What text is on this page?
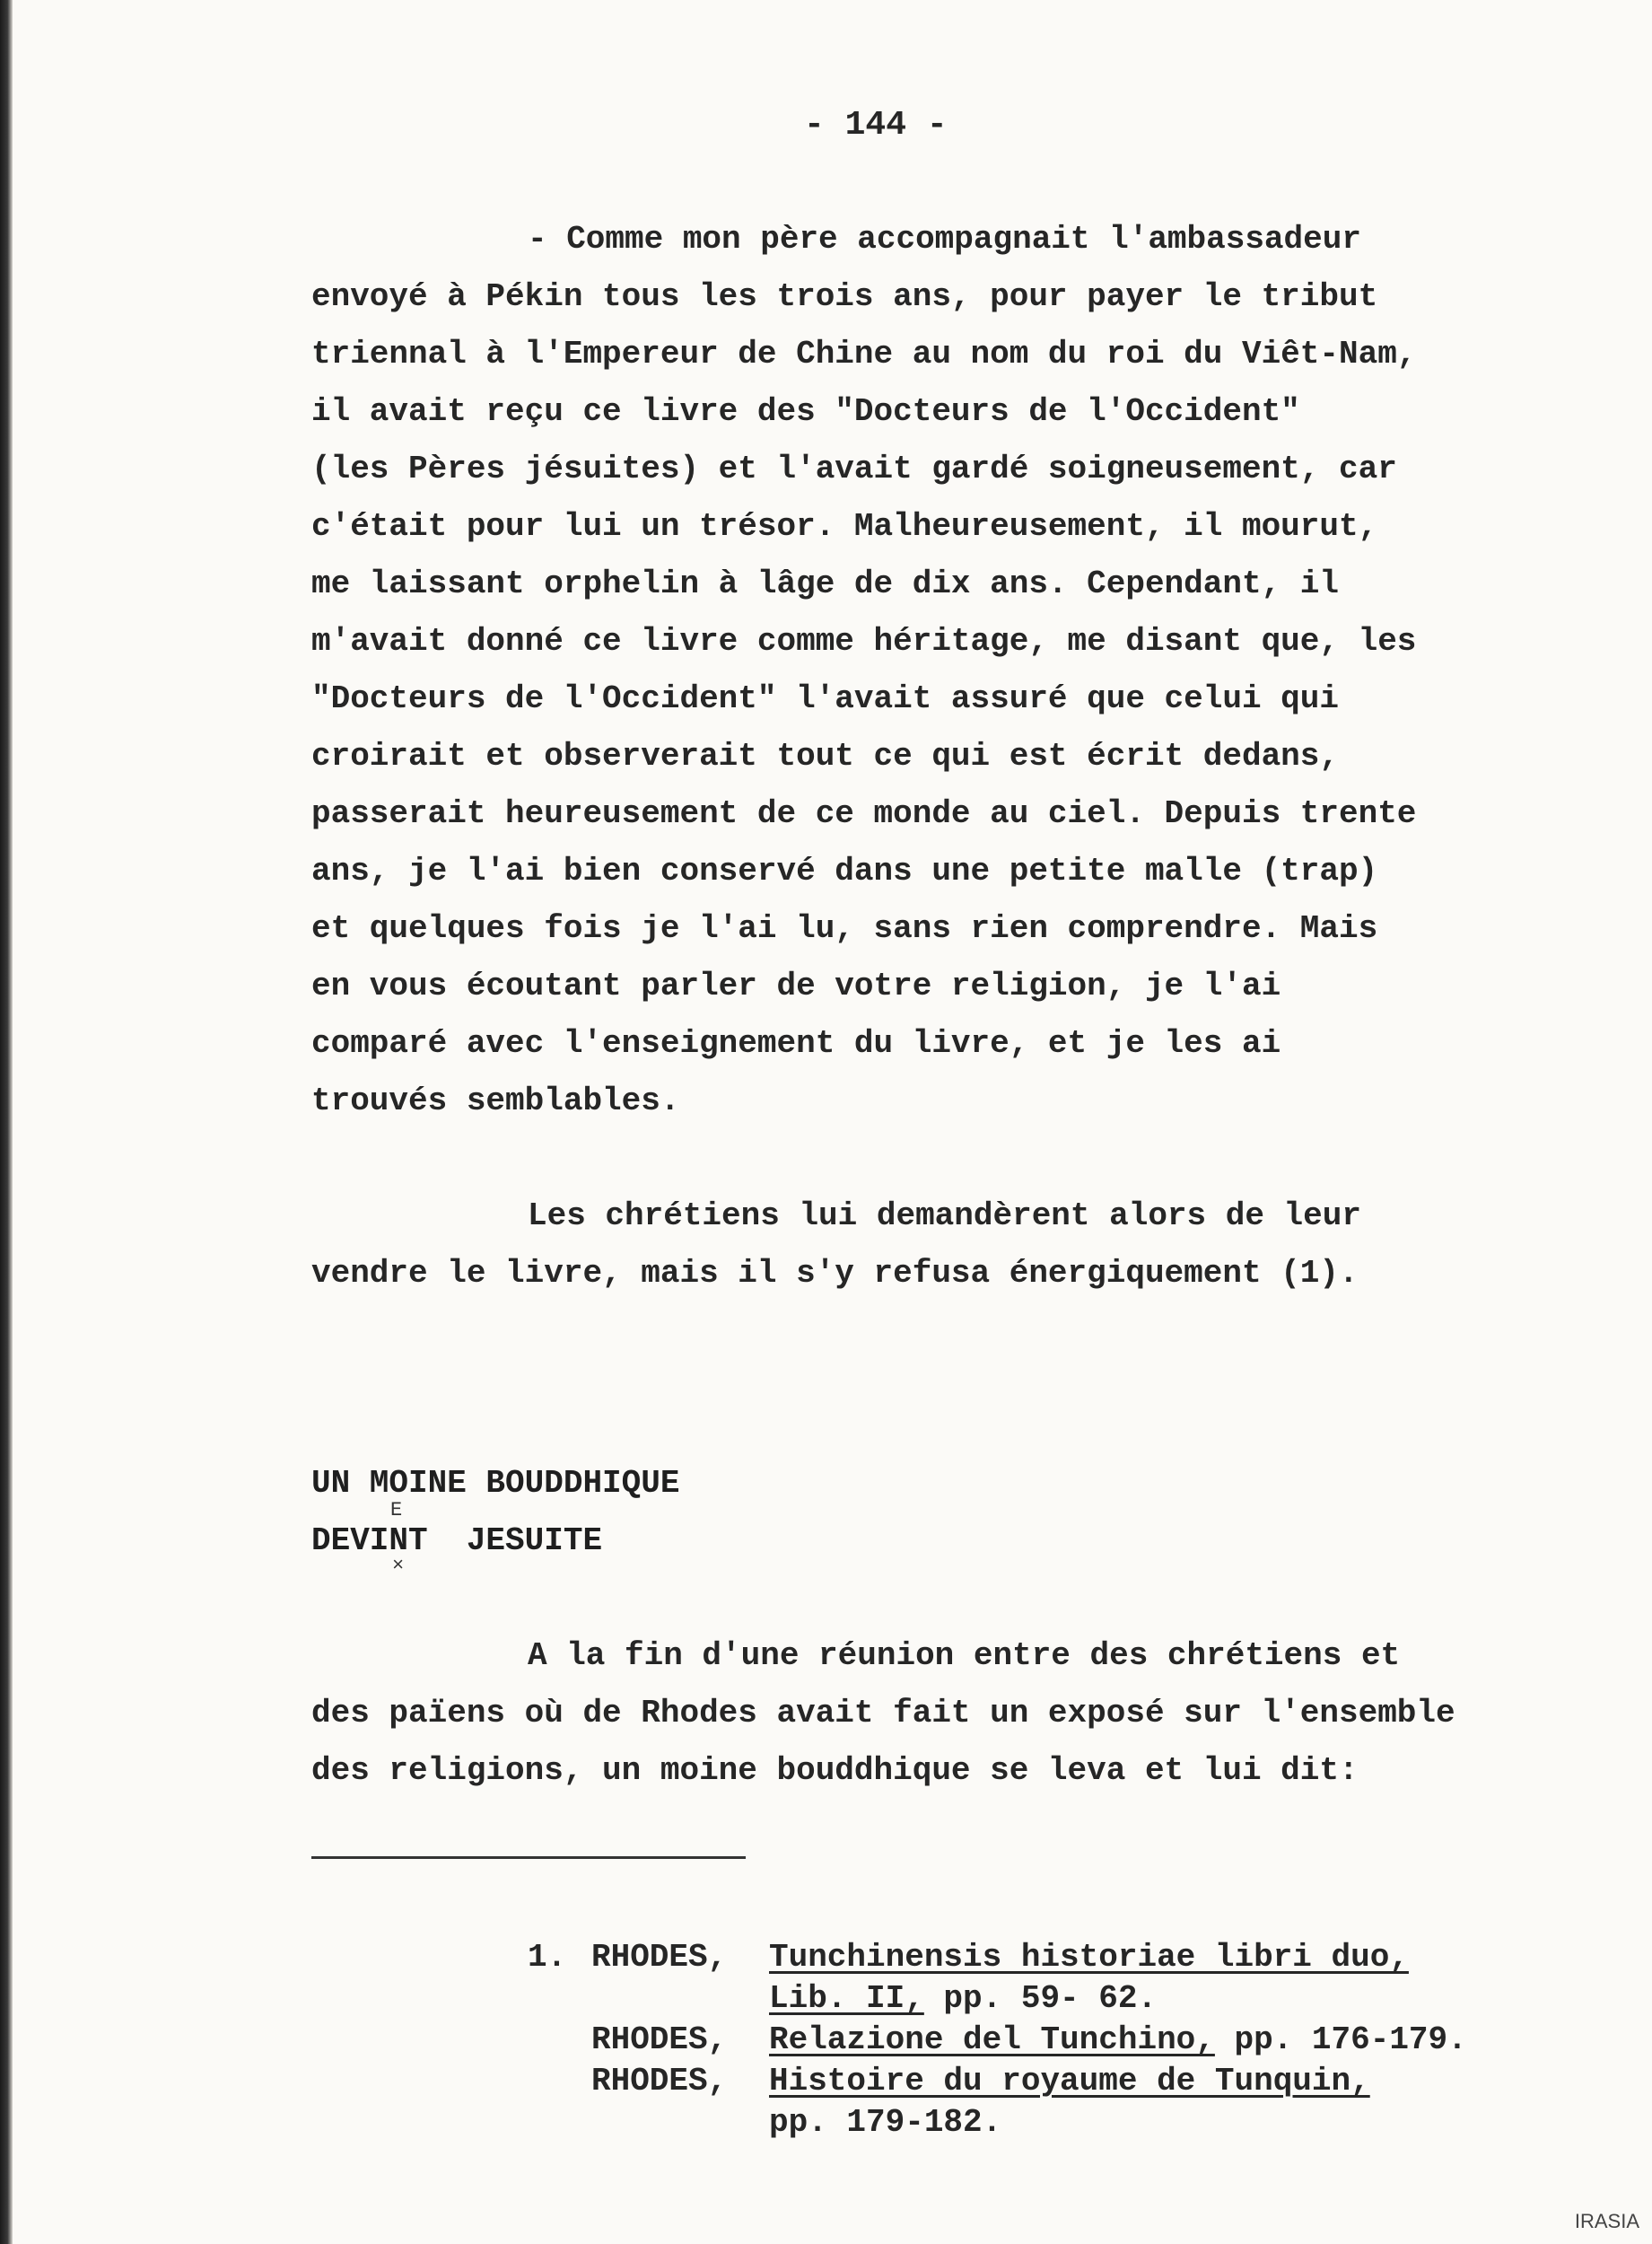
- 144 -
- Comme mon père accompagnait l'ambassadeur
envoyé à Pékin tous les trois ans, pour payer le tribut
triennal à l'Empereur de Chine au nom du roi du Viêt-Nam,
il avait reçu ce livre des "Docteurs de l'Occident"
(les Pères jésuites) et l'avait gardé soigneusement, car
c'était pour lui un trésor. Malheureusement, il mourut,
me laissant orphelin à lâge de dix ans. Cependant, il
m'avait donné ce livre comme héritage, me disant que, les
"Docteurs de l'Occident" l'avait assuré que celui qui
croirait et observerait tout ce qui est écrit dedans,
passerait heureusement de ce monde au ciel. Depuis trente
ans, je l'ai bien conservé dans une petite malle (trap)
et quelques fois je l'ai lu, sans rien comprendre. Mais
en vous écoutant parler de votre religion, je l'ai
comparé avec l'enseignement du livre, et je les ai
trouvés semblables.
Les chrétiens lui demandèrent alors de leur
vendre le livre, mais il s'y refusa énergiquement (1).
UN MOINE BOUDDHIQUE
E
DEVINT  JESUITE
×
A la fin d'une réunion entre des chrétiens et
des païens où de Rhodes avait fait un exposé sur l'ensemble
des religions, un moine bouddhique se leva et lui dit:
1. RHODES, Tunchinensis historiae libri duo,
Lib. II, pp. 59- 62.
RHODES, Relazione del Tunchino, pp. 176-179.
RHODES, Histoire du royaume de Tunquin,
pp. 179-182.
IRASIA
